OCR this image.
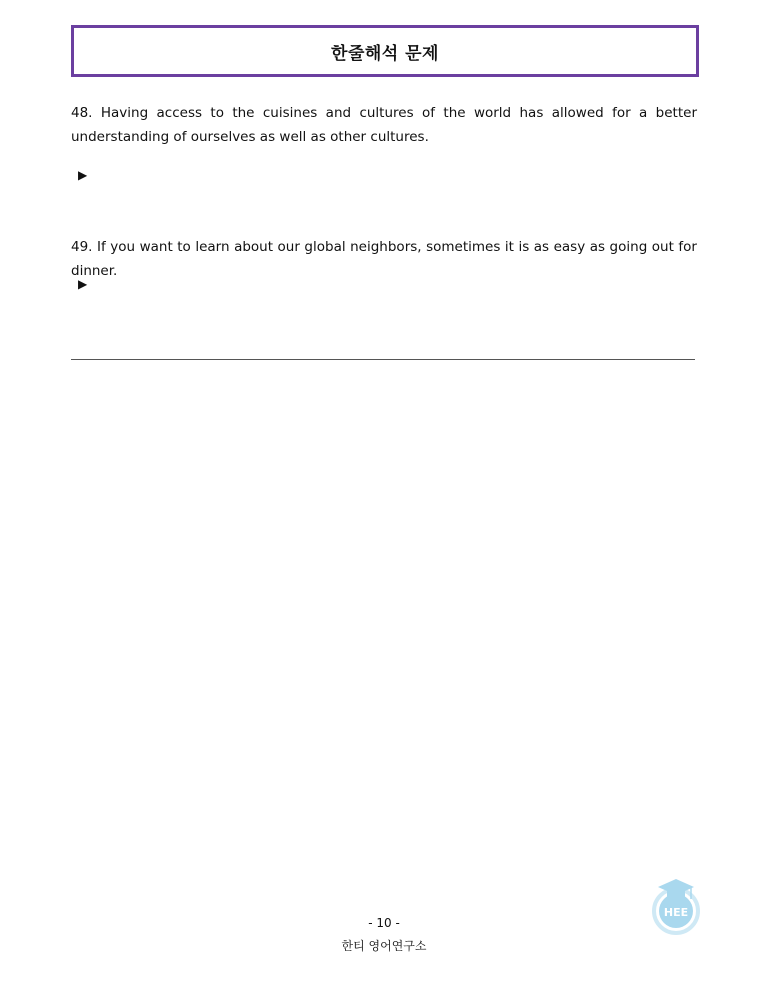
한줄해석 문제
48. Having access to the cuisines and cultures of the world has allowed for a better understanding of ourselves as well as other cultures.
▶
49. If you want to learn about our global neighbors, sometimes it is as easy as going out for dinner.
▶
- 10 -
한티 영어연구소
HEE
